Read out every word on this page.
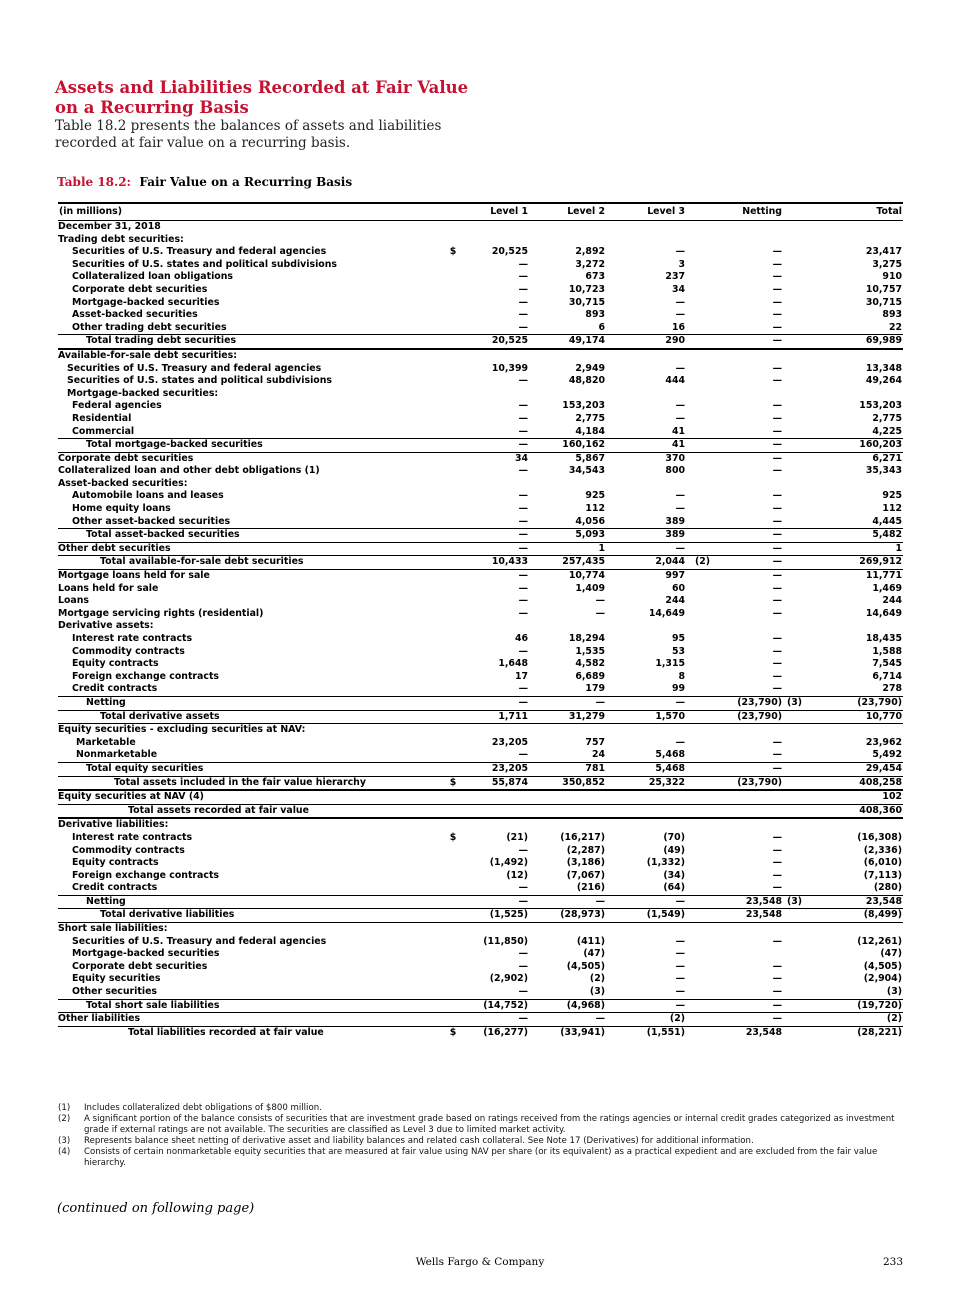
Assets and Liabilities Recorded at Fair Value on a Recurring Basis
Table 18.2 presents the balances of assets and liabilities recorded at fair value on a recurring basis.
Table 18.2: Fair Value on a Recurring Basis
(in millions)		Level 1	Level 2	Level 3		Netting		Total
December 31, 2018								
Trading debt securities:								
Securities of U.S. Treasury and federal agencies	$	20,525	2,892	—		—		23,417
Securities of U.S. states and political subdivisions		—	3,272	3		—		3,275
Collateralized loan obligations		—	673	237		—		910
Corporate debt securities		—	10,723	34		—		10,757
Mortgage-backed securities		—	30,715	—		—		30,715
Asset-backed securities		—	893	—		—		893
Other trading debt securities		—	6	16		—		22
Total trading debt securities		20,525	49,174	290		—		69,989
Available-for-sale debt securities:								
Securities of U.S. Treasury and federal agencies		10,399	2,949	—		—		13,348
Securities of U.S. states and political subdivisions		—	48,820	444		—		49,264
Mortgage-backed securities:								
Federal agencies		—	153,203	—		—		153,203
Residential		—	2,775	—		—		2,775
Commercial		—	4,184	41		—		4,225
Total mortgage-backed securities		—	160,162	41		—		160,203
Corporate debt securities		34	5,867	370		—		6,271
Collateralized loan and other debt obligations (1)		—	34,543	800		—		35,343
Asset-backed securities:								
Automobile loans and leases		—	925	—		—		925
Home equity loans		—	112	—		—		112
Other asset-backed securities		—	4,056	389		—		4,445
Total asset-backed securities		—	5,093	389		—		5,482
Other debt securities		—	1	—		—		1
Total available-for-sale debt securities		10,433	257,435	2,044	(2)	—		269,912
Mortgage loans held for sale		—	10,774	997		—		11,771
Loans held for sale		—	1,409	60		—		1,469
Loans		—	—	244		—		244
Mortgage servicing rights (residential)		—	—	14,649		—		14,649
Derivative assets:								
Interest rate contracts		46	18,294	95		—		18,435
Commodity contracts		—	1,535	53		—		1,588
Equity contracts		1,648	4,582	1,315		—		7,545
Foreign exchange contracts		17	6,689	8		—		6,714
Credit contracts		—	179	99		—		278
Netting		—	—	—		(23,790)	(3)	(23,790)
Total derivative assets		1,711	31,279	1,570		(23,790)		10,770
Equity securities - excluding securities at NAV:								
Marketable		23,205	757	—		—		23,962
Nonmarketable		—	24	5,468		—		5,492
Total equity securities		23,205	781	5,468		—		29,454
Total assets included in the fair value hierarchy	$	55,874	350,852	25,322		(23,790)		408,258
Equity securities at NAV (4)								102
Total assets recorded at fair value								408,360
Derivative liabilities:								
Interest rate contracts	$	(21)	(16,217)	(70)		—		(16,308)
Commodity contracts		—	(2,287)	(49)		—		(2,336)
Equity contracts		(1,492)	(3,186)	(1,332)		—		(6,010)
Foreign exchange contracts		(12)	(7,067)	(34)		—		(7,113)
Credit contracts		—	(216)	(64)		—		(280)
Netting		—	—	—		23,548	(3)	23,548
Total derivative liabilities		(1,525)	(28,973)	(1,549)		23,548		(8,499)
Short sale liabilities:								
Securities of U.S. Treasury and federal agencies		(11,850)	(411)	—		—		(12,261)
Mortgage-backed securities		—	(47)	—				(47)
Corporate debt securities		—	(4,505)	—		—		(4,505)
Equity securities		(2,902)	(2)	—		—		(2,904)
Other securities		—	(3)	—		—		(3)
Total short sale liabilities		(14,752)	(4,968)	—		—		(19,720)
Other liabilities		—	—	(2)		—		(2)
Total liabilities recorded at fair value	$	(16,277)	(33,941)	(1,551)		23,548		(28,221)
(1)	Includes collateralized debt obligations of $800 million.
(2)	A significant portion of the balance consists of securities that are investment grade based on ratings received from the ratings agencies or internal credit grades categorized as investment grade if external ratings are not available. The securities are classified as Level 3 due to limited market activity.
(3)	Represents balance sheet netting of derivative asset and liability balances and related cash collateral. See Note 17 (Derivatives) for additional information.
(4)	Consists of certain nonmarketable equity securities that are measured at fair value using NAV per share (or its equivalent) as a practical expedient and are excluded from the fair value hierarchy.
(continued on following page)
Wells Fargo & Company	233
